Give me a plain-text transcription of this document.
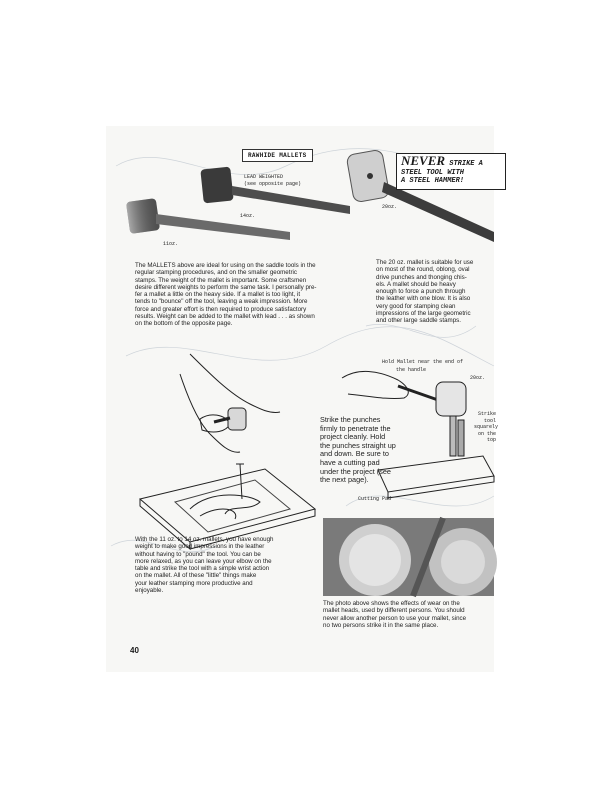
RAWHIDE MALLETS
LEAD WEIGHTED
(see opposite page)
14oz.
11oz.
20oz.
NEVER STRIKE A
STEEL TOOL WITH
A STEEL HAMMER!
The MALLETS above are ideal for using on the saddle tools in the
regular stamping procedures, and on the smaller geometric
stamps. The weight of the mallet is important. Some craftsmen
desire different weights to perform the same task. I personally pre-
fer a mallet a little on the heavy side. If a mallet is too light, it
tends to "bounce" off the tool, leaving a weak impression. More
force and greater effort is then required to produce satisfactory
results. Weight can be added to the mallet with lead . . . as shown
on the bottom of the opposite page.
The 20 oz. mallet is suitable for use
on most of the round, oblong, oval
drive punches and thonging chis-
els. A mallet should be heavy
enough to force a punch through
the leather with one blow. It is also
very good for stamping clean
impressions of the large geometric
and other large saddle stamps.
Hold Mallet near the end of
the handle
20oz.
Strike
tool
squarely
on the
top
Strike the punches
firmly to penetrate the
project cleanly. Hold
the punches straight up
and down. Be sure to
have a cutting pad
under the project (see
the next page).
Cutting Pad
With the 11 oz. to 14 oz. mallets, you have enough
weight to make good impressions in the leather
without having to "pound" the tool. You can be
more relaxed, as you can leave your elbow on the
table and strike the tool with a simple wrist action
on the mallet. All of these "little" things make
your leather stamping more productive and
enjoyable.
The photo above shows the effects of wear on the
mallet heads, used by different persons. You should
never allow another person to use your mallet, since
no two persons strike it in the same place.
40
